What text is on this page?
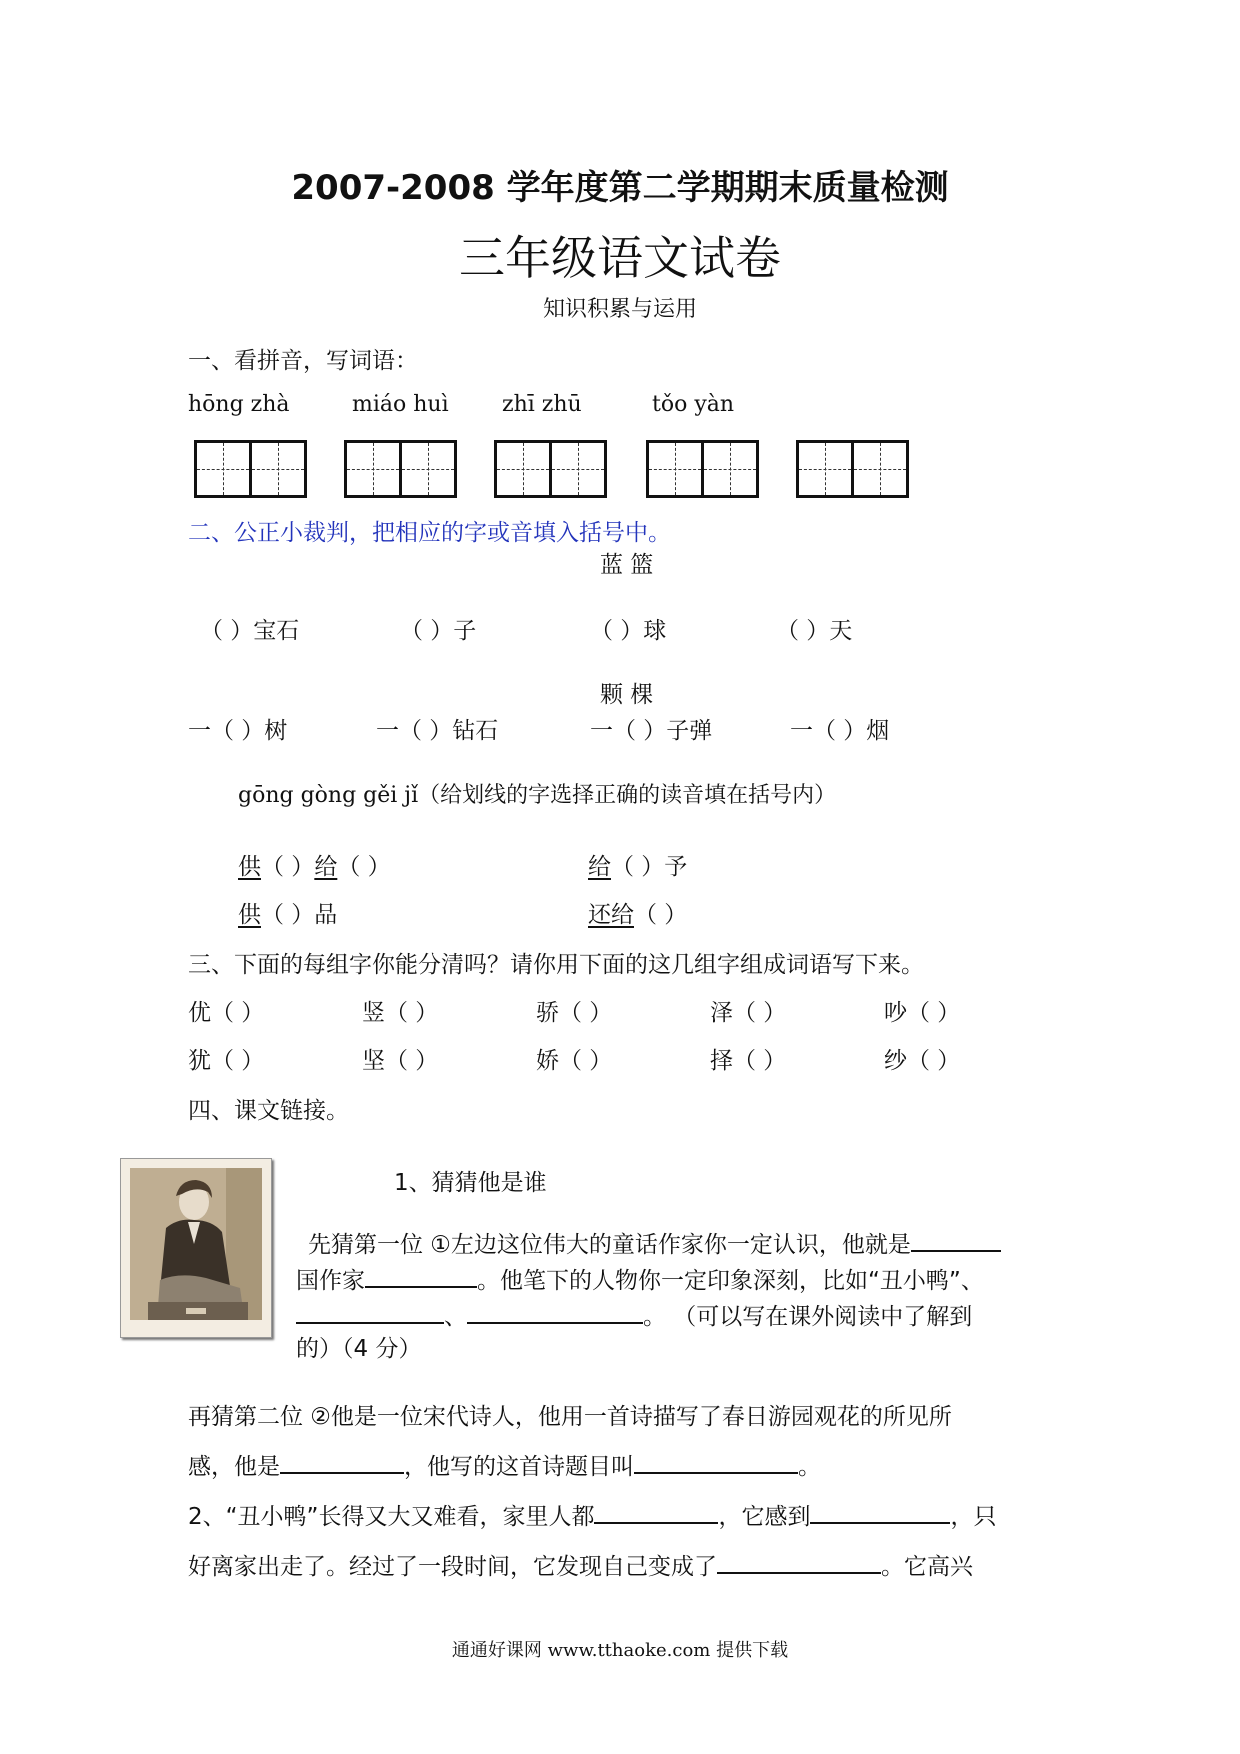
2007-2008 学年度第二学期期末质量检测
三年级语文试卷
知识积累与运用
一、看拼音，写词语：
hōng zhà	miáo huì zhī zhū	tǒo yàn
二、公正小裁判，把相应的字或音填入括号中。
蓝 篮
（ ）宝石	（ ）子	（ ）球	（ ）天
颗 棵
一（ ）树	一（ ）钻石	一（ ）子弹	一（ ）烟
gōng gòng gěi jǐ（给划线的字选择正确的读音填在括号内）
供（ ）给（ ）	给（ ）予
供（ ）品	还给（ ）
三、下面的每组字你能分清吗？请你用下面的这几组字组成词语写下来。
优（ ）	竖（ ）	骄（ ）	泽（ ）	吵（ ）
犹（ ）	坚（ ）	娇（ ）	择（ ）	纱（ ）
四、课文链接。
1、猜猜他是谁
先猜第一位 ①左边这位伟大的童话作家你一定认识，他就是
国作家	。他笔下的人物你一定印象深刻，比如“丑小鸭”、
、	。 （可以写在课外阅读中了解到
的）（4 分）
再猜第二位 ②他是一位宋代诗人，他用一首诗描写了春日游园观花的所见所
感，他是	，他写的这首诗题目叫	。
2、“丑小鸭”长得又大又难看，家里人都	，它感到	，只
好离家出走了。经过了一段时间，它发现自己变成了	。它高兴
通通好课网 www.tthaoke.com 提供下载
